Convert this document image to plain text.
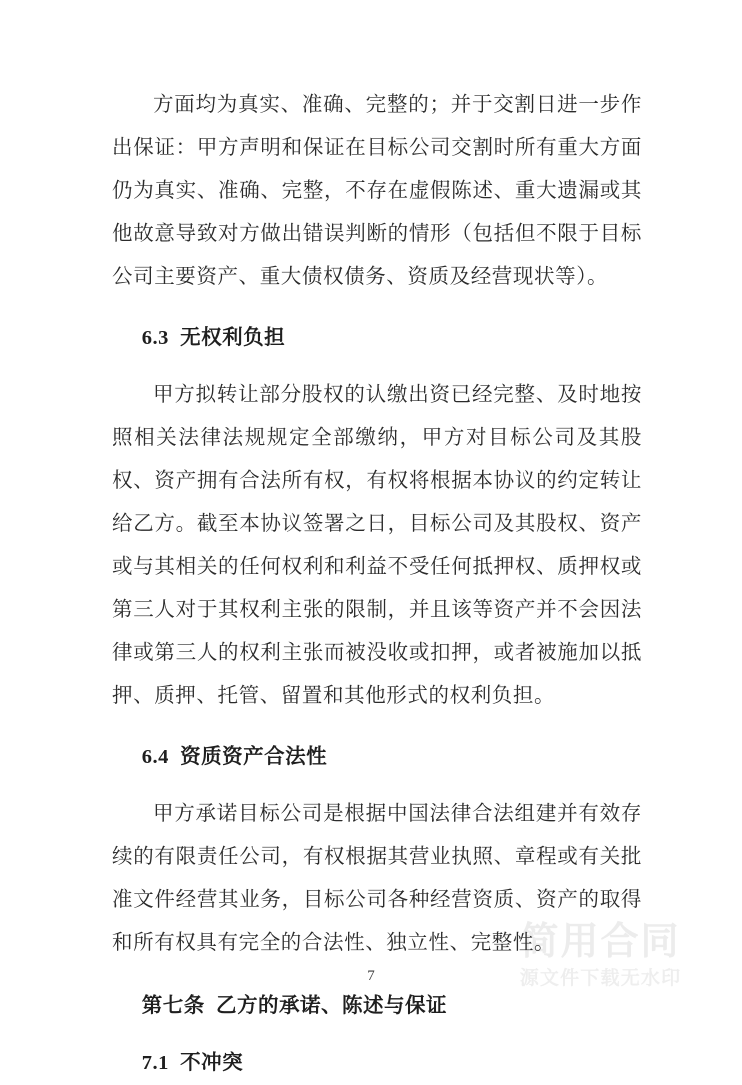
方面均为真实、准确、完整的；并于交割日进一步作出保证：甲方声明和保证在目标公司交割时所有重大方面仍为真实、准确、完整，不存在虚假陈述、重大遗漏或其他故意导致对方做出错误判断的情形（包括但不限于目标公司主要资产、重大债权债务、资质及经营现状等）。

6.3  无权利负担

甲方拟转让部分股权的认缴出资已经完整、及时地按照相关法律法规规定全部缴纳，甲方对目标公司及其股权、资产拥有合法所有权，有权将根据本协议的约定转让给乙方。截至本协议签署之日，目标公司及其股权、资产或与其相关的任何权利和利益不受任何抵押权、质押权或第三人对于其权利主张的限制，并且该等资产并不会因法律或第三人的权利主张而被没收或扣押，或者被施加以抵押、质押、托管、留置和其他形式的权利负担。

6.4  资质资产合法性

甲方承诺目标公司是根据中国法律合法组建并有效存续的有限责任公司，有权根据其营业执照、章程或有关批准文件经营其业务，目标公司各种经营资质、资产的取得和所有权具有完全的合法性、独立性、完整性。

第七条  乙方的承诺、陈述与保证
7.1  不冲突
简用合同
源文件下载无水印
7
